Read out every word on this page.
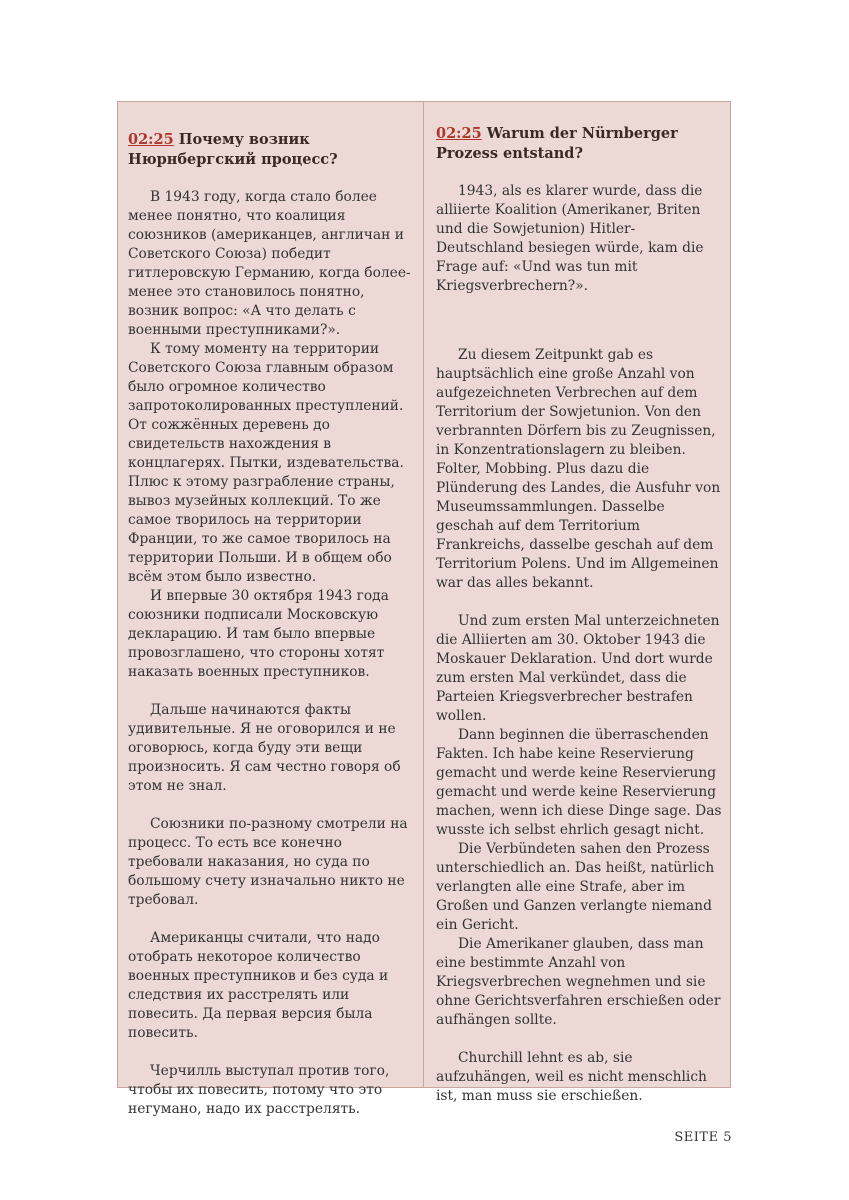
02:25 Почему возник Нюрнбергский процесс?

В 1943 году, когда стало более менее понятно, что коалиция союзников (американцев, англичан и Советского Союза) победит гитлеровскую Германию, когда более-менее это становилось понятно, возник вопрос: «А что делать с военными преступниками?».

К тому моменту на территории Советского Союза главным образом было огромное количество запротоколированных преступлений. От сожжённых деревень до свидетельств нахождения в концлагерях. Пытки, издевательства. Плюс к этому разграбление страны, вывоз музейных коллекций. То же самое творилось на территории Франции, то же самое творилось на территории Польши. И в общем обо всём этом было известно.

И впервые 30 октября 1943 года союзники подписали Московскую декларацию. И там было впервые провозглашено, что стороны хотят наказать военных преступников.

Дальше начинаются факты удивительные. Я не оговорился и не оговорюсь, когда буду эти вещи произносить. Я сам честно говоря об этом не знал.

Союзники по-разному смотрели на процесс. То есть все конечно требовали наказания, но суда по большому счету изначально никто не требовал.

Американцы считали, что надо отобрать некоторое количество военных преступников и без суда и следствия их расстрелять или повесить. Да первая версия была повесить.

Черчилль выступал против того, чтобы их повесить, потому что это негумано, надо их расстрелять.

02:25 Warum der Nürnberger Prozess entstand?

1943, als es klarer wurde, dass die alliierte Koalition (Amerikaner, Briten und die Sowjetunion) Hitler-Deutschland besiegen würde, kam die Frage auf: «Und was tun mit Kriegsverbrechern?».

Zu diesem Zeitpunkt gab es hauptsächlich eine große Anzahl von aufgezeichneten Verbrechen auf dem Territorium der Sowjetunion. Von den verbrannten Dörfern bis zu Zeugnissen, in Konzentrationslagern zu bleiben. Folter, Mobbing. Plus dazu die Plünderung des Landes, die Ausfuhr von Museumssammlungen. Dasselbe geschah auf dem Territorium Frankreichs, dasselbe geschah auf dem Territorium Polens. Und im Allgemeinen war das alles bekannt.

Und zum ersten Mal unterzeichneten die Alliierten am 30. Oktober 1943 die Moskauer Deklaration. Und dort wurde zum ersten Mal verkündet, dass die Parteien Kriegsverbrecher bestrafen wollen.

Dann beginnen die überraschenden Fakten. Ich habe keine Reservierung gemacht und werde keine Reservierung gemacht und werde keine Reservierung machen, wenn ich diese Dinge sage. Das wusste ich selbst ehrlich gesagt nicht.

Die Verbündeten sahen den Prozess unterschiedlich an. Das heißt, natürlich verlangten alle eine Strafe, aber im Großen und Ganzen verlangte niemand ein Gericht.

Die Amerikaner glauben, dass man eine bestimmte Anzahl von Kriegsverbrechen wegnehmen und sie ohne Gerichtsverfahren erschießen oder aufhängen sollte.

Churchill lehnt es ab, sie aufzuhängen, weil es nicht menschlich ist, man muss sie erschießen.

SEITE 5
